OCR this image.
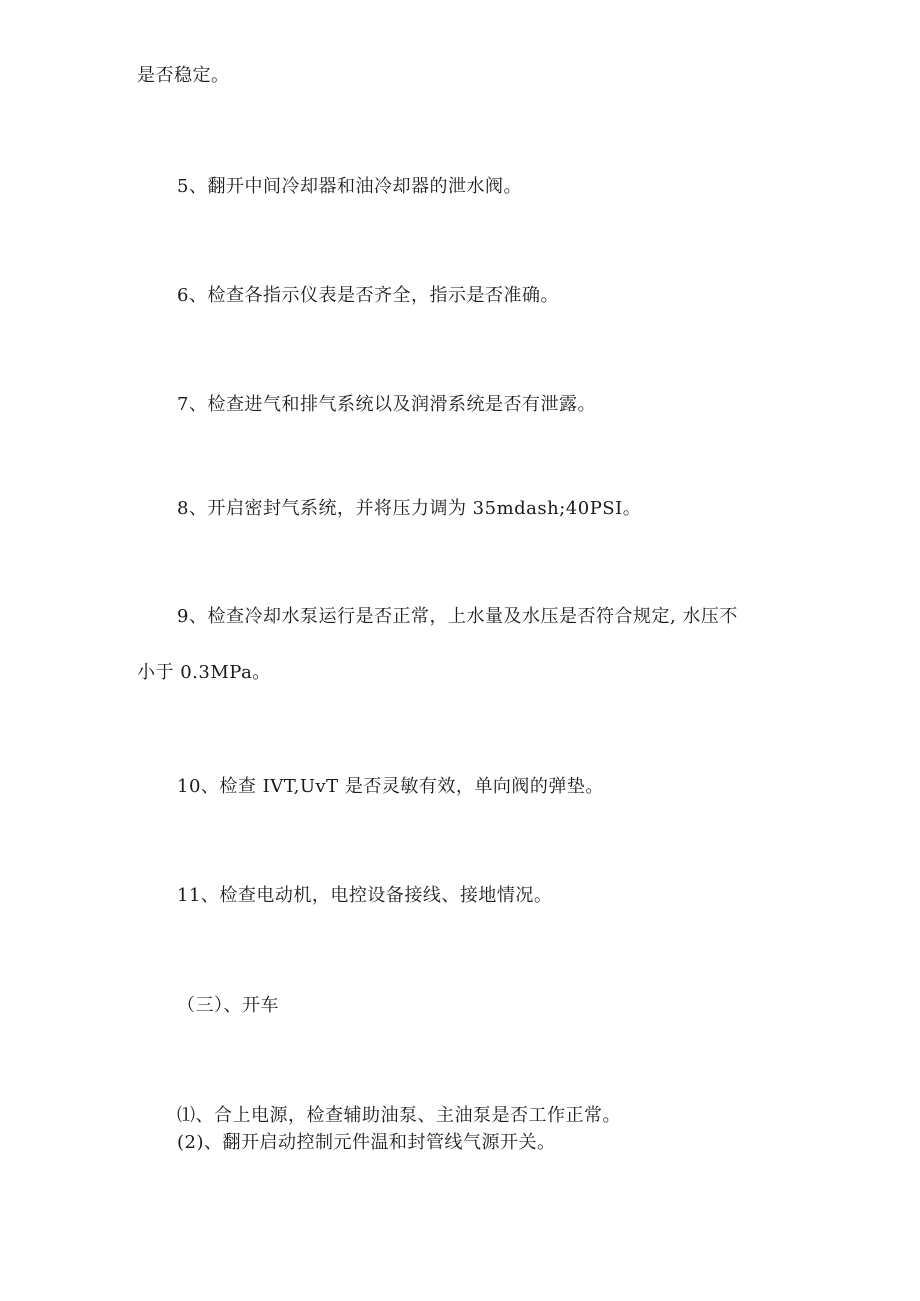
是否稳定。
5、翻开中间冷却器和油冷却器的泄水阀。
6、检查各指示仪表是否齐全，指示是否准确。
7、检查进气和排气系统以及润滑系统是否有泄露。
8、开启密封气系统，并将压力调为 35mdash;40PSI。
9、检查冷却水泵运行是否正常，上水量及水压是否符合规定, 水压不
小于 0.3MPa。
10、检查 IVT,UvT 是否灵敏有效，单向阀的弹垫。
11、检查电动机，电控设备接线、接地情况。
（三）、开车
⑴、合上电源，检查辅助油泵、主油泵是否工作正常。
(2)、翻开启动控制元件温和封管线气源开关。
